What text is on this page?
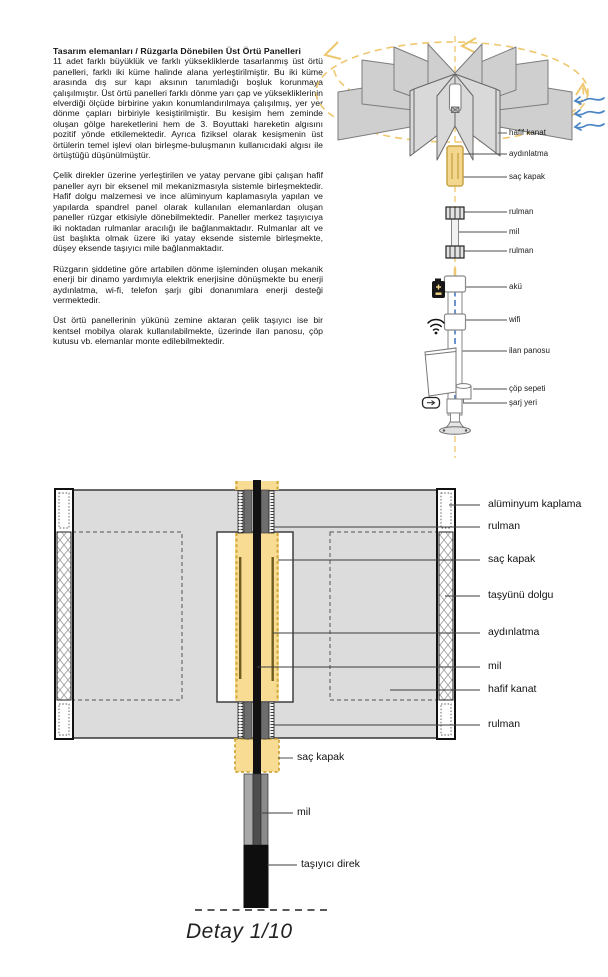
Tasarım elemanları / Rüzgarla Dönebilen Üst Örtü Panelleri

11 adet farklı büyüklük ve farklı yüksekliklerde tasarlanmış üst örtü panelleri, farklı iki küme halinde alana yerleştirilmiştir. Bu iki küme arasında dış sur kapı aksının tanımladığı boşluk korunmaya çalışılmıştır. Üst örtü panelleri farklı dönme yarı çap ve yüksekliklerinin elverdiği ölçüde birbirine yakın konumlandırılmaya çalışılmış, yer yer dönme çapları birbiriyle kesiştirilmiştir. Bu kesişim hem zeminde oluşan gölge hareketlerini hem de 3. Boyuttaki hareketin algısını pozitif yönde etkilemektedir. Ayrıca fiziksel olarak kesişmenin üst örtülerin temel işlevi olan birleşme-buluşmanın kullanıcıdaki algısı ile örtüştüğü düşünülmüştür.

Çelik direkler üzerine yerleştirilen ve yatay pervane gibi çalışan hafif paneller ayrı bir eksenel mil mekanizmasıyla sistemle birleşmektedir. Hafif dolgu malzemesi ve ince alüminyum kaplamasıyla yapılan ve yapılarda spandrel panel olarak kullanılan elemanlardan oluşan paneller rüzgar etkisiyle dönebilmektedir. Paneller merkez taşıyıcıya iki noktadan rulmanlar aracılığı ile bağlanmaktadır. Rulmanlar alt ve üst başlıkta olmak üzere iki yatay eksende sistemle birleşmekte, düşey eksende taşıyıcı mile bağlanmaktadır.

Rüzgarın şiddetine göre artabilen dönme işleminden oluşan mekanik enerji bir dinamo yardımıyla elektrik enerjisine dönüşmekte bu enerji aydınlatma, wi-fi, telefon şarjı gibi donanımlara enerji desteği vermektedir.

Üst örtü panellerinin yükünü zemine aktaran çelik taşıyıcı ise bir kentsel mobilya olarak kullanılabilmekte, üzerinde ilan panosu, çöp kutusu vb. elemanlar monte edilebilmektedir.

hafif kanat
aydınlatma
saç kapak
rulman
mil
rulman
akü
wifi
ilan panosu
çöp sepeti
şarj yeri
alüminyum kaplama
rulman
saç kapak
taşyünü dolgu
aydınlatma
mil
hafif kanat
rulman
saç kapak
mil
taşıyıcı direk
Detay 1/10
